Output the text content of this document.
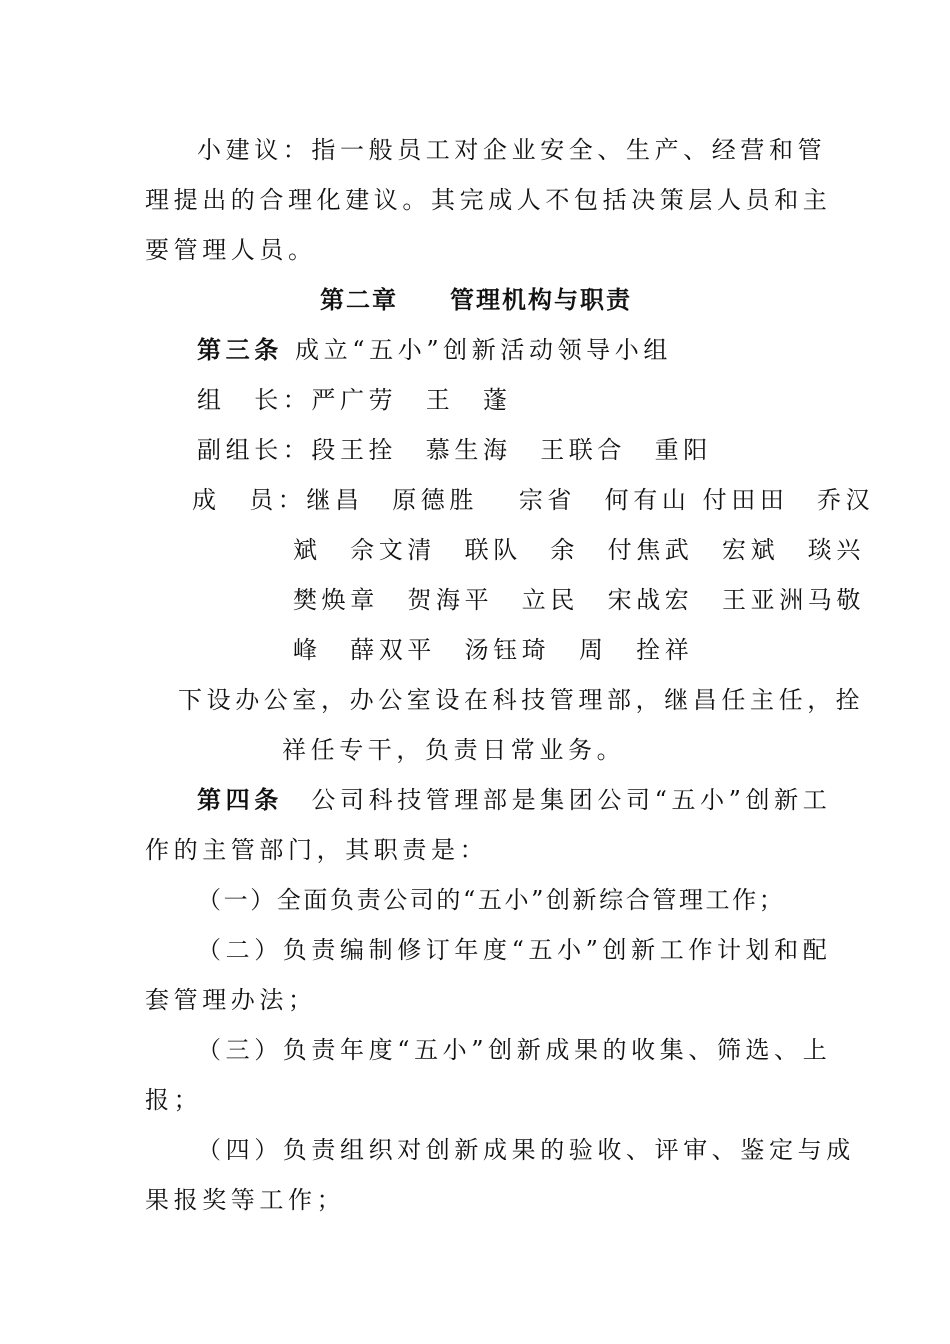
小建议：指一般员工对企业安全、生产、经营和管
理提出的合理化建议。其完成人不包括决策层人员和主
要管理人员。
第二章 管理机构与职责
第三条 成立“五小”创新活动领导小组
组　长：严广劳　王　蓬
副组长：段王拴　慕生海　王联合　重阳
成　员：继昌　原德胜　 宗省　何有山 付田田　乔汉
斌　佘文清　联队　余　付焦武　宏斌　琰兴
樊焕章　贺海平　立民　宋战宏　王亚洲马敬
峰　薛双平　汤钰琦　周　拴祥
下设办公室，办公室设在科技管理部，继昌任主任，拴
祥任专干，负责日常业务。
第四条　公司科技管理部是集团公司“五小”创新工
作的主管部门，其职责是：
（一）全面负责公司的“五小”创新综合管理工作；
（二）负责编制修订年度“五小”创新工作计划和配
套管理办法；
（三）负责年度“五小”创新成果的收集、筛选、上
报；
（四）负责组织对创新成果的验收、评审、鉴定与成
果报奖等工作；
